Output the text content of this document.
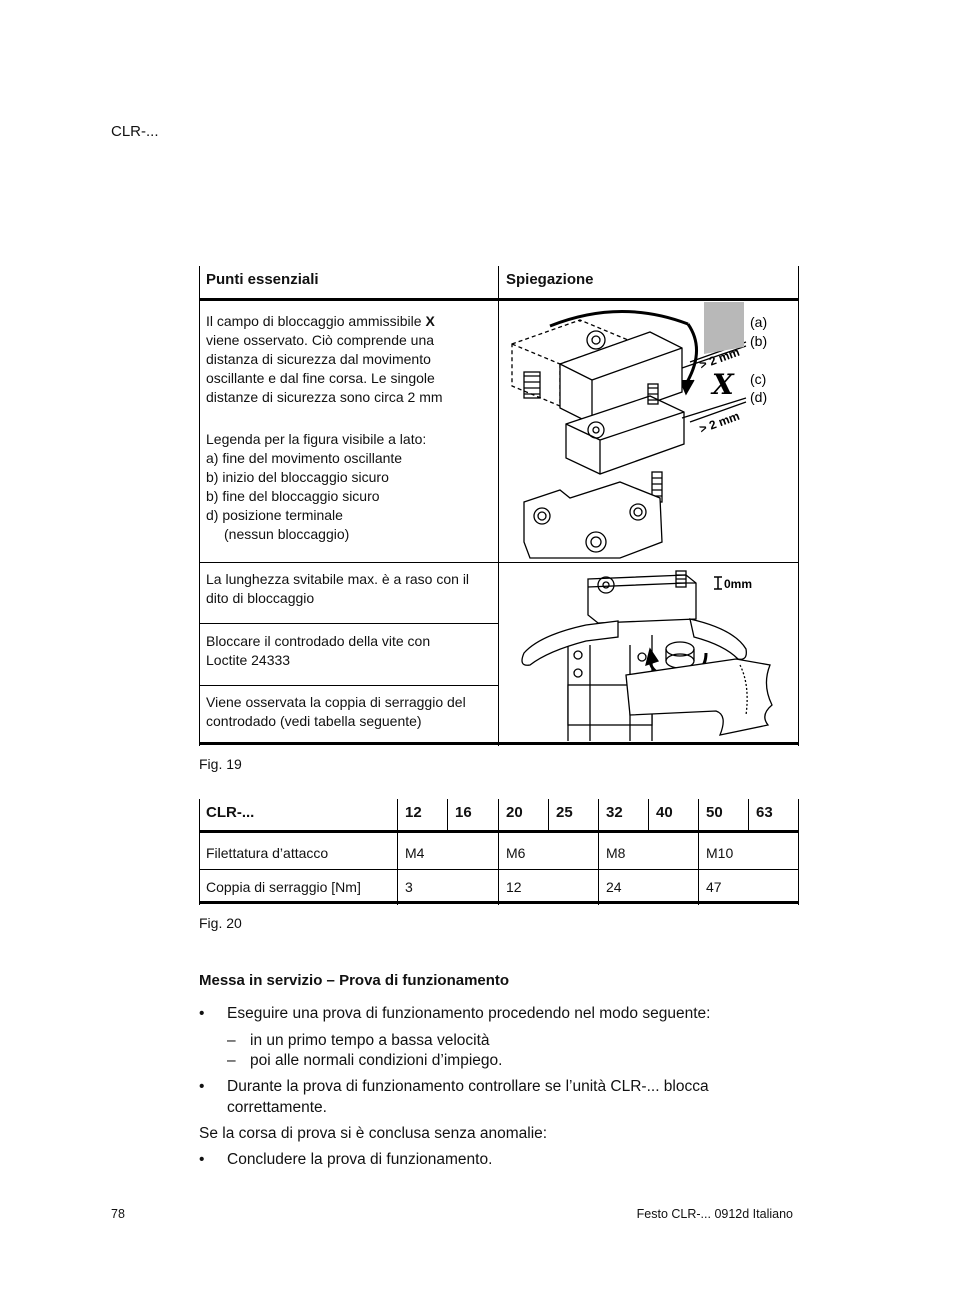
CLR-...
Punti essenziali	Spiegazione
Il campo di bloccaggio ammissibile X
viene osservato. Ciò comprende una
distanza di sicurezza dal movimento
oscillante e dal fine corsa. Le singole
distanze di sicurezza sono circa 2 mm
Legenda per la figura visibile a lato:
a) fine del movimento oscillante
b) inizio del bloccaggio sicuro
b) fine del bloccaggio sicuro
d) posizione terminale
(nessun bloccaggio)
La lunghezza svitabile max. è a raso con il
dito di bloccaggio
Bloccare il controdado della vite con
Loctite 24333
Viene osservata la coppia di serraggio del
controdado (vedi tabella seguente)
X
> 2 mm
> 2 mm
(a)
(b)
(c)
(d)
0mm
Fig. 19
CLR-...	12 16 20 25 32 40 50 63
Filettatura d’attacco	M4	M6	M8	M10
Coppia di serraggio [Nm]	3	12	24	47
Fig. 20
Messa in servizio – Prova di funzionamento
• Eseguire una prova di funzionamento procedendo nel modo seguente:
– in un primo tempo a bassa velocità
– poi alle normali condizioni d’impiego.
• Durante la prova di funzionamento controllare se l’unità CLR-... blocca
correttamente.
Se la corsa di prova si è conclusa senza anomalie:
• Concludere la prova di funzionamento.
78	Festo CLR-... 0912d Italiano
